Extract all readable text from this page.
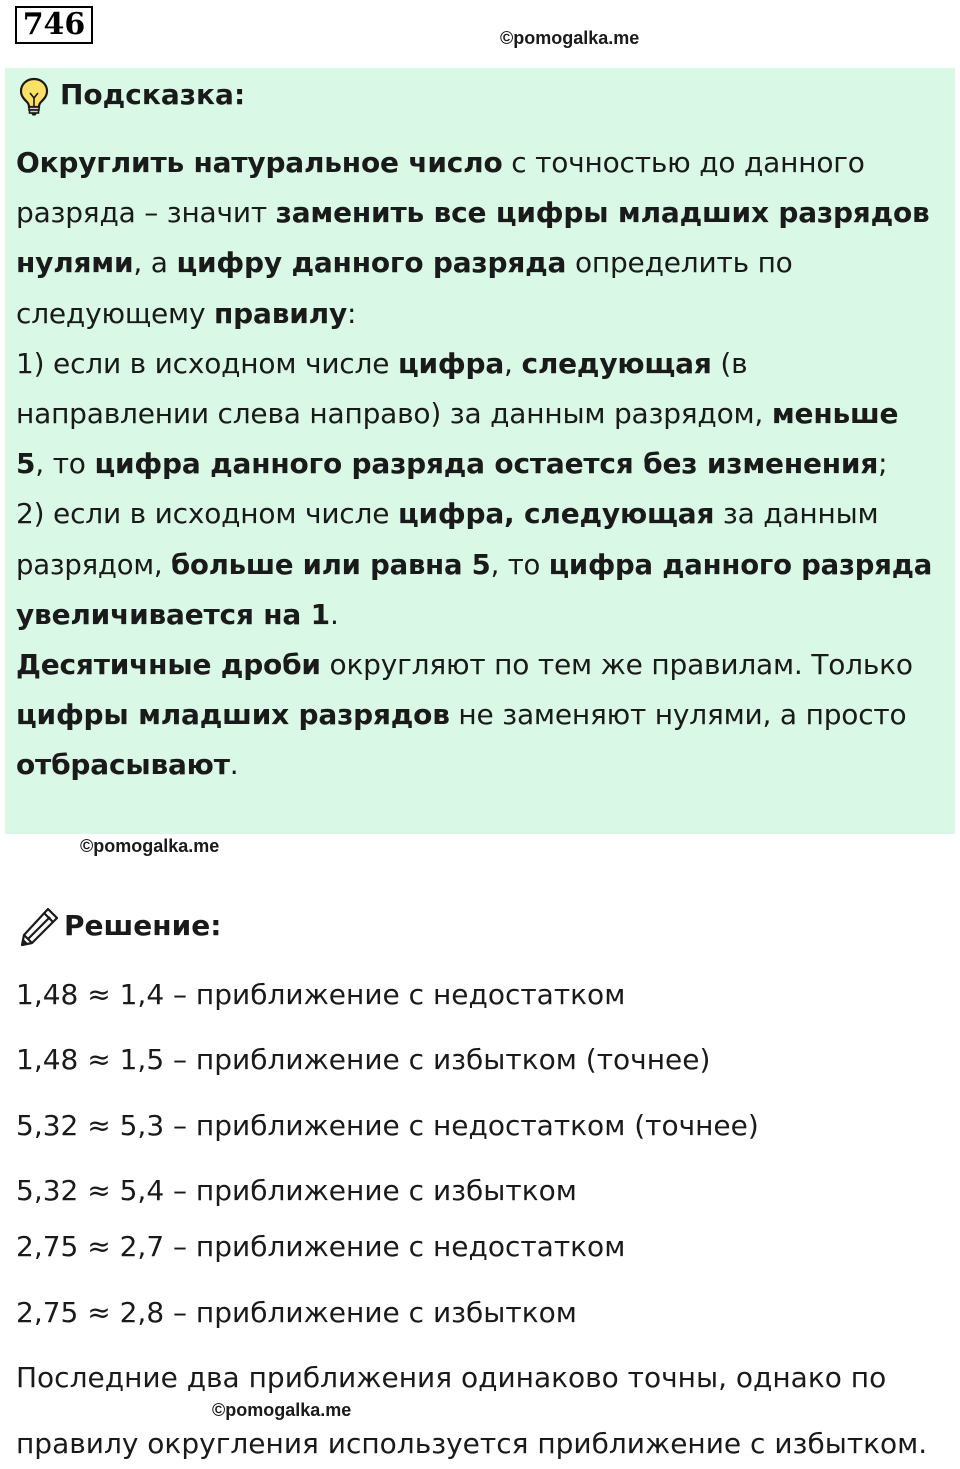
746	©pomogalka.me
Подсказка:
Округлить натуральное число с точностью до данного
разряда – значит заменить все цифры младших разрядов
нулями, а цифру данного разряда определить по
следующему правилу:
1) если в исходном числе цифра, следующая (в
направлении слева направо) за данным разрядом, меньше
5, то цифра данного разряда остается без изменения;
2) если в исходном числе цифра, следующая за данным
разрядом, больше или равна 5, то цифра данного разряда
увеличивается на 1.
Десятичные дроби округляют по тем же правилам. Только
цифры младших разрядов не заменяют нулями, а просто
отбрасывают.
©pomogalka.me
Решение:
1,48 ≈ 1,4 – приближение с недостатком
1,48 ≈ 1,5 – приближение с избытком (точнее)
5,32 ≈ 5,3 – приближение с недостатком (точнее)
5,32 ≈ 5,4 – приближение с избытком
2,75 ≈ 2,7 – приближение с недостатком
2,75 ≈ 2,8 – приближение с избытком
Последние два приближения одинаково точны, однако по
©pomogalka.me
правилу округления используется приближение с избытком.
